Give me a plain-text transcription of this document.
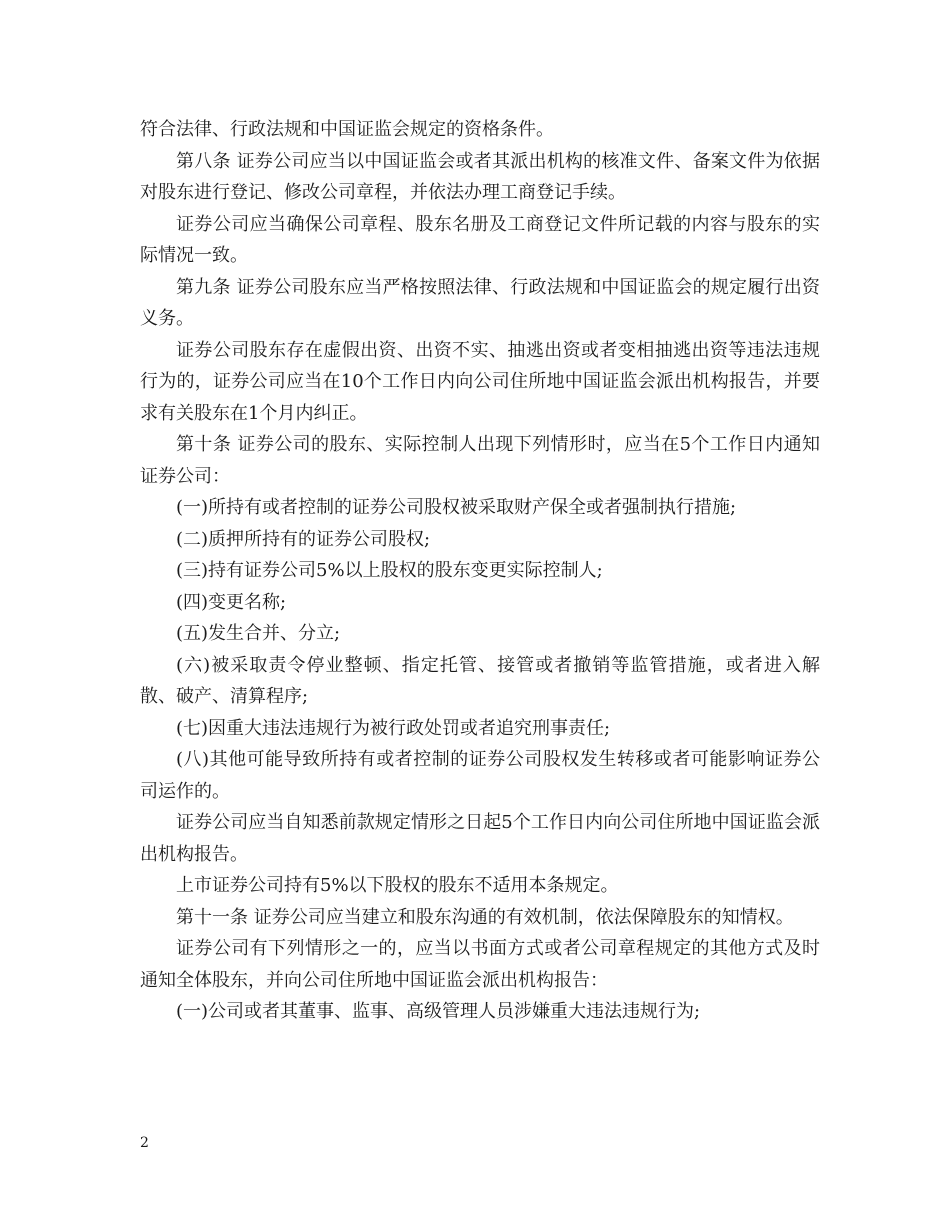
符合法律、行政法规和中国证监会规定的资格条件。

第八条 证券公司应当以中国证监会或者其派出机构的核准文件、备案文件为依据对股东进行登记、修改公司章程，并依法办理工商登记手续。

证券公司应当确保公司章程、股东名册及工商登记文件所记载的内容与股东的实际情况一致。

第九条 证券公司股东应当严格按照法律、行政法规和中国证监会的规定履行出资义务。

证券公司股东存在虚假出资、出资不实、抽逃出资或者变相抽逃出资等违法违规行为的，证券公司应当在10个工作日内向公司住所地中国证监会派出机构报告，并要求有关股东在1个月内纠正。

第十条 证券公司的股东、实际控制人出现下列情形时，应当在5个工作日内通知证券公司：

(一)所持有或者控制的证券公司股权被采取财产保全或者强制执行措施;

(二)质押所持有的证券公司股权;

(三)持有证券公司5%以上股权的股东变更实际控制人;

(四)变更名称;

(五)发生合并、分立;

(六)被采取责令停业整顿、指定托管、接管或者撤销等监管措施，或者进入解散、破产、清算程序;

(七)因重大违法违规行为被行政处罚或者追究刑事责任;

(八)其他可能导致所持有或者控制的证券公司股权发生转移或者可能影响证券公司运作的。

证券公司应当自知悉前款规定情形之日起5个工作日内向公司住所地中国证监会派出机构报告。

上市证券公司持有5%以下股权的股东不适用本条规定。

第十一条 证券公司应当建立和股东沟通的有效机制，依法保障股东的知情权。

证券公司有下列情形之一的，应当以书面方式或者公司章程规定的其他方式及时通知全体股东，并向公司住所地中国证监会派出机构报告：

(一)公司或者其董事、监事、高级管理人员涉嫌重大违法违规行为;

2
